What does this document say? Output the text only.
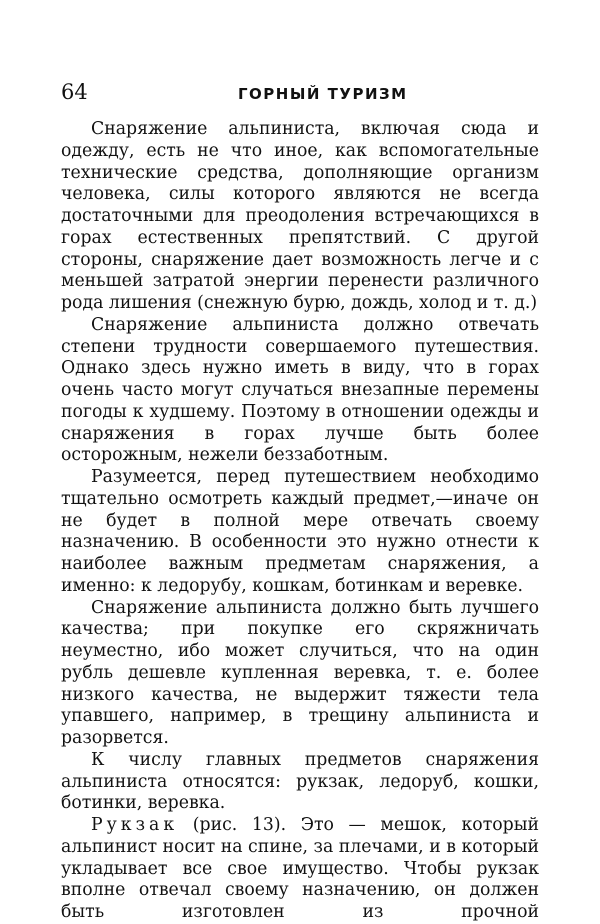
64	ГОРНЫЙ ТУРИЗМ

Снаряжение альпиниста, включая сюда и одежду, есть не что иное, как вспомогательные технические средства, дополняющие организм человека, силы которого являются не всегда достаточными для преодоления встречающихся в горах естественных препятствий. С другой стороны, снаряжение дает возможность легче и с меньшей затратой энергии перенести различного рода лишения (снежную бурю, дождь, холод и т. д.)

Снаряжение альпиниста должно отвечать степени трудности совершаемого путешествия. Однако здесь нужно иметь в виду, что в горах очень часто могут случаться внезапные перемены погоды к худшему. Поэтому в отношении одежды и снаряжения в горах лучше быть более осторожным, нежели беззаботным.

Разумеется, перед путешествием необходимо тщательно осмотреть каждый предмет,—иначе он не будет в полной мере отвечать своему назначению. В особенности это нужно отнести к наиболее важным предметам снаряжения, а именно: к ледорубу, кошкам, ботинкам и веревке.

Снаряжение альпиниста должно быть лучшего качества; при покупке его скряжничать неуместно, ибо может случиться, что на один рубль дешевле купленная веревка, т. е. более низкого качества, не выдержит тяжести тела упавшего, например, в трещину альпиниста и разорвется.

К числу главных предметов снаряжения альпиниста относятся: рукзак, ледоруб, кошки, ботинки, веревка.

Рукзак (рис. 13). Это — мешок, который альпинист носит на спине, за плечами, и в который укладывает все свое имущество. Чтобы рукзак вполне отвечал своему назначению, он должен быть изготовлен из прочной
